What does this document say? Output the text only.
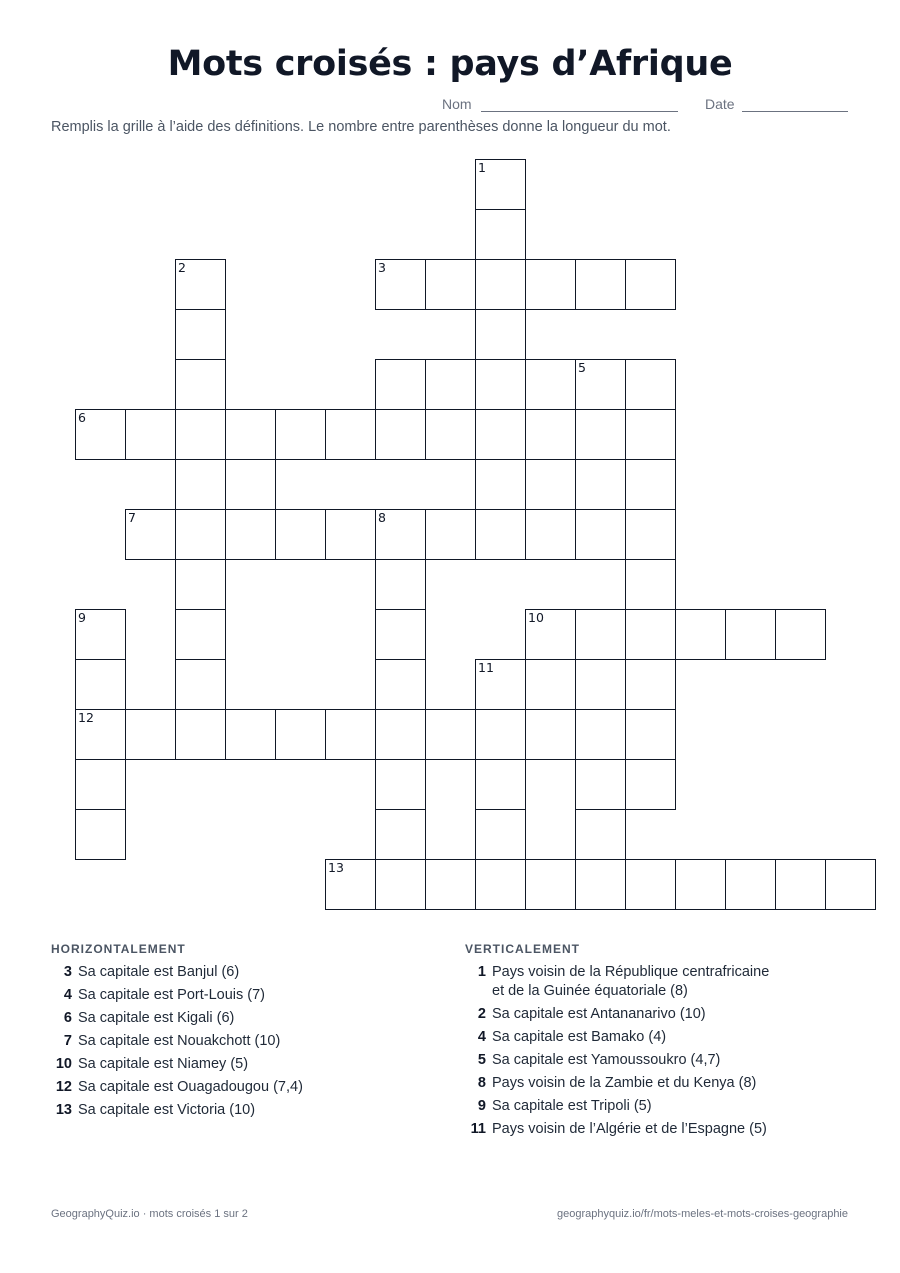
Mots croisés : pays d’Afrique
Nom	Date
Remplis la grille à l’aide des définitions. Le nombre entre parenthèses donne la longueur du mot.
1
2	3
5
6
7	8
9	10
11
12
13
HORIZONTALEMENT	VERTICALEMENT
3 Sa capitale est Banjul (6)
4 Sa capitale est Port-Louis (7)
6 Sa capitale est Kigali (6)
7 Sa capitale est Nouakchott (10)
10 Sa capitale est Niamey (5)
12 Sa capitale est Ouagadougou (7,4)
13 Sa capitale est Victoria (10)
1 Pays voisin de la République centrafricaine
et de la Guinée équatoriale (8)
2 Sa capitale est Antananarivo (10)
4 Sa capitale est Bamako (4)
5 Sa capitale est Yamoussoukro (4,7)
8 Pays voisin de la Zambie et du Kenya (8)
9 Sa capitale est Tripoli (5)
11 Pays voisin de l’Algérie et de l’Espagne (5)
GeographyQuiz.io · mots croisés 1 sur 2	geographyquiz.io/fr/mots-meles-et-mots-croises-geographie
